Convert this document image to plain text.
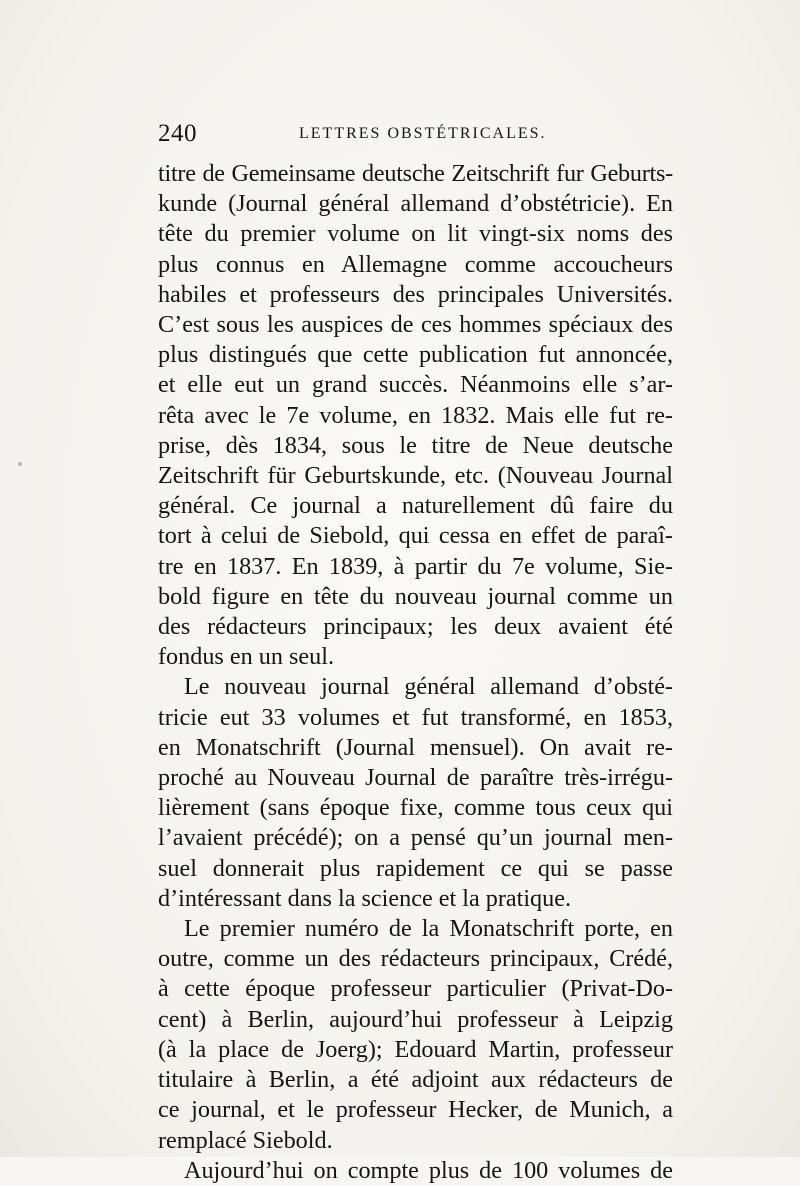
240	LETTRES OBSTÉTRICALES.
titre de Gemeinsame deutsche Zeitschrift fur Geburts-
kunde (Journal général allemand d’obstétricie). En
tête du premier volume on lit vingt-six noms des
plus connus en Allemagne comme accoucheurs
habiles et professeurs des principales Universités.
C’est sous les auspices de ces hommes spéciaux des
plus distingués que cette publication fut annoncée,
et elle eut un grand succès. Néanmoins elle s’ar-
rêta avec le 7e volume, en 1832. Mais elle fut re-
prise, dès 1834, sous le titre de Neue deutsche
Zeitschrift für Geburtskunde, etc. (Nouveau Journal
général. Ce journal a naturellement dû faire du
tort à celui de Siebold, qui cessa en effet de paraî-
tre en 1837. En 1839, à partir du 7e volume, Sie-
bold figure en tête du nouveau journal comme un
des rédacteurs principaux; les deux avaient été
fondus en un seul.
Le nouveau journal général allemand d’obsté-
tricie eut 33 volumes et fut transformé, en 1853,
en Monatschrift (Journal mensuel). On avait re-
proché au Nouveau Journal de paraître très-irrégu-
lièrement (sans époque fixe, comme tous ceux qui
l’avaient précédé); on a pensé qu’un journal men-
suel donnerait plus rapidement ce qui se passe
d’intéressant dans la science et la pratique.
Le premier numéro de la Monatschrift porte, en
outre, comme un des rédacteurs principaux, Crédé,
à cette époque professeur particulier (Privat-Do-
cent) à Berlin, aujourd’hui professeur à Leipzig
(à la place de Joerg); Edouard Martin, professeur
titulaire à Berlin, a été adjoint aux rédacteurs de
ce journal, et le professeur Hecker, de Munich, a
remplacé Siebold.
Aujourd’hui on compte plus de 100 volumes de
